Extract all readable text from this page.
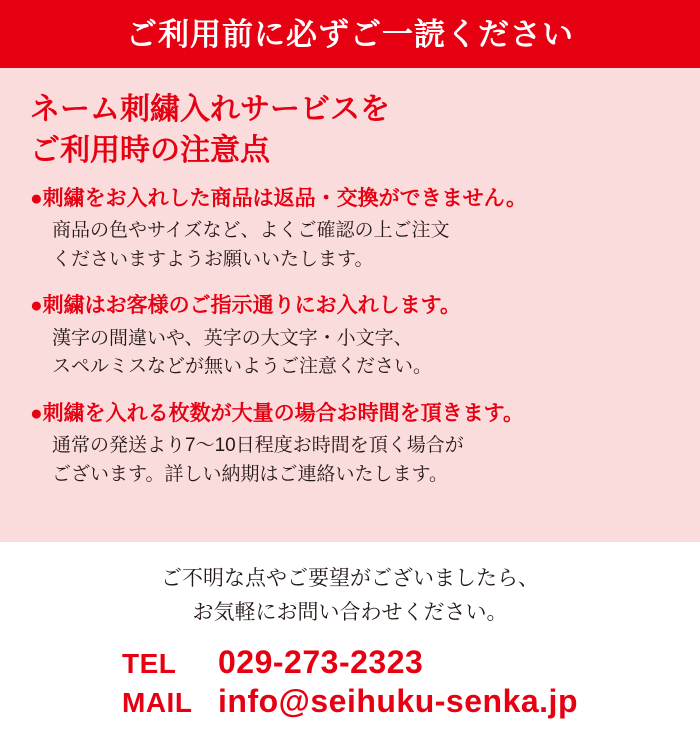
ご利用前に必ずご一読ください
ネーム刺繍入れサービスを
ご利用時の注意点

●刺繍をお入れした商品は返品・交換ができません。

商品の色やサイズなど、よくご確認の上ご注文
くださいますようお願いいたします。

●刺繍はお客様のご指示通りにお入れします。

漢字の間違いや、英字の大文字・小文字、
スペルミスなどが無いようご注意ください。

●刺繍を入れる枚数が大量の場合お時間を頂きます。

通常の発送より7〜10日程度お時間を頂く場合が
ございます。詳しい納期はご連絡いたします。

ご不明な点やご要望がございましたら、
お気軽にお問い合わせください。

TEL	029-273-2323
MAIL info@seihuku-senka.jp
